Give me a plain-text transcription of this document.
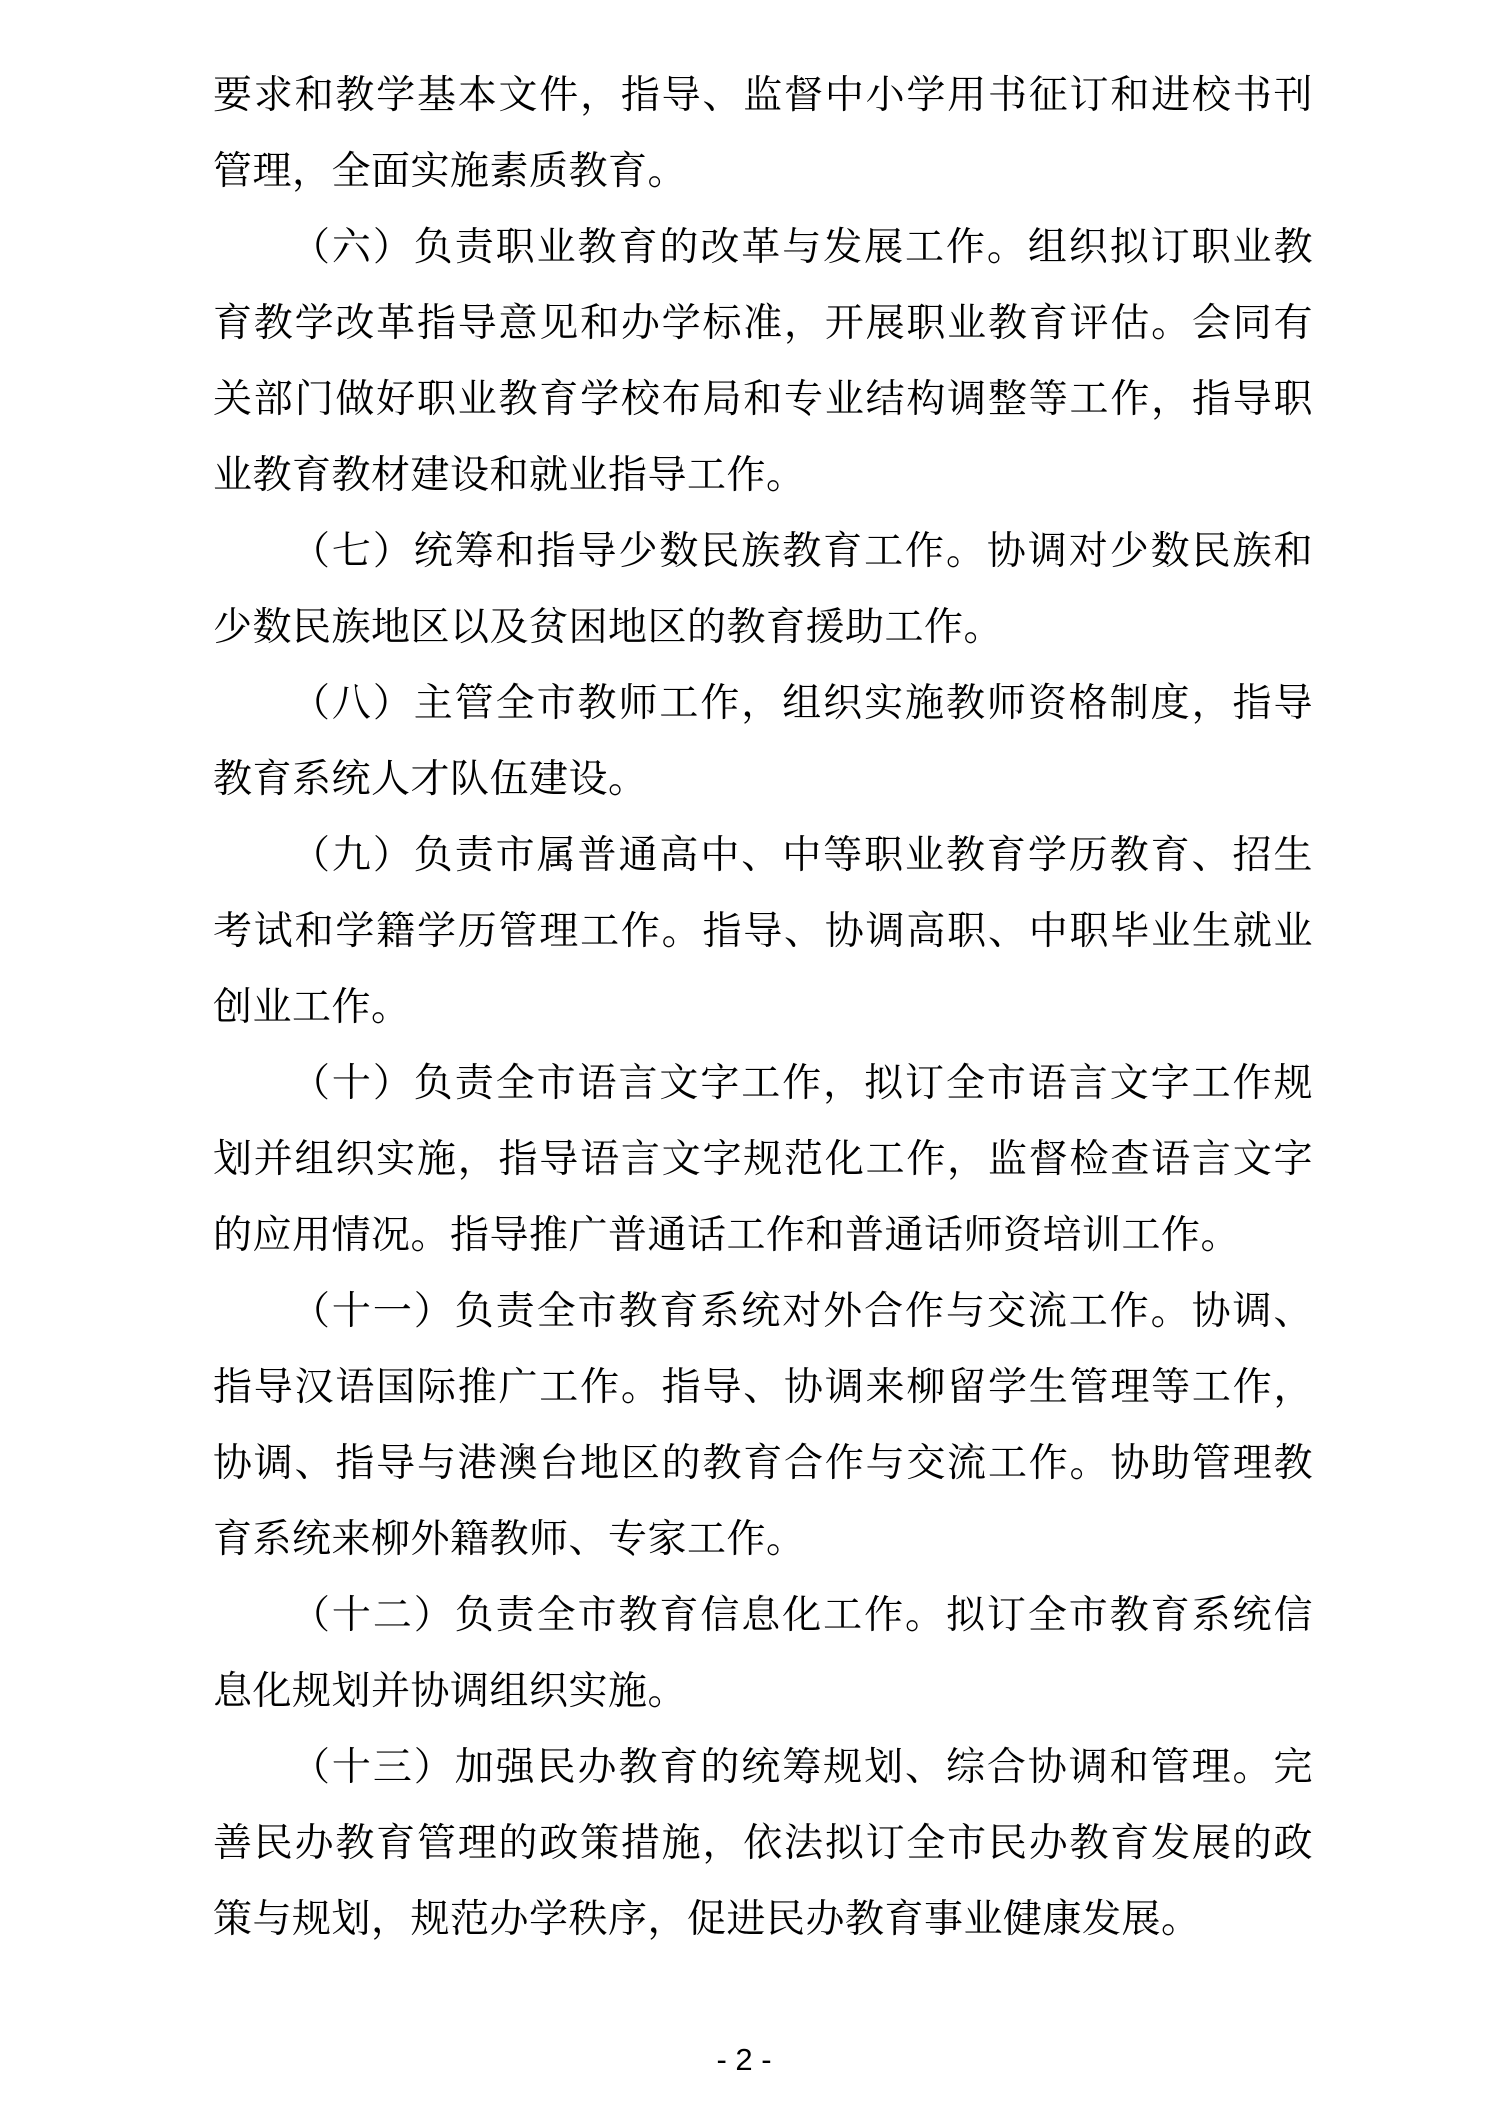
要求和教学基本文件，指导、监督中小学用书征订和进校书刊管理，全面实施素质教育。

（六）负责职业教育的改革与发展工作。组织拟订职业教育教学改革指导意见和办学标准，开展职业教育评估。会同有关部门做好职业教育学校布局和专业结构调整等工作，指导职业教育教材建设和就业指导工作。

（七）统筹和指导少数民族教育工作。协调对少数民族和少数民族地区以及贫困地区的教育援助工作。

（八）主管全市教师工作，组织实施教师资格制度，指导教育系统人才队伍建设。

（九）负责市属普通高中、中等职业教育学历教育、招生考试和学籍学历管理工作。指导、协调高职、中职毕业生就业创业工作。

（十）负责全市语言文字工作，拟订全市语言文字工作规划并组织实施，指导语言文字规范化工作，监督检查语言文字的应用情况。指导推广普通话工作和普通话师资培训工作。

（十一）负责全市教育系统对外合作与交流工作。协调、指导汉语国际推广工作。指导、协调来柳留学生管理等工作，协调、指导与港澳台地区的教育合作与交流工作。协助管理教育系统来柳外籍教师、专家工作。

（十二）负责全市教育信息化工作。拟订全市教育系统信息化规划并协调组织实施。

（十三）加强民办教育的统筹规划、综合协调和管理。完善民办教育管理的政策措施，依法拟订全市民办教育发展的政策与规划，规范办学秩序，促进民办教育事业健康发展。

- 2 -
